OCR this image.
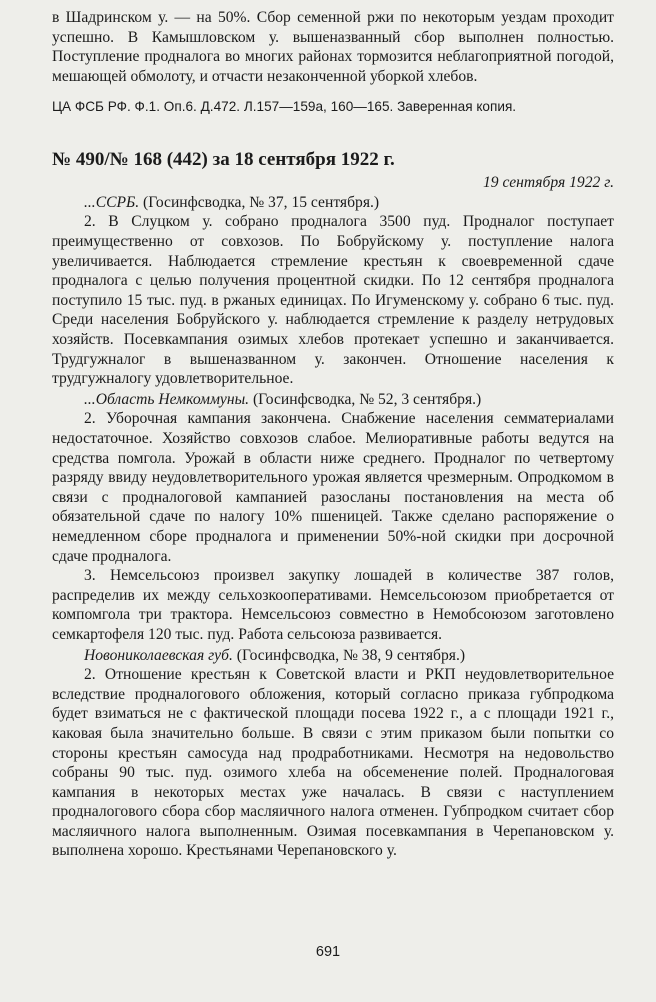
в Шадринском у. — на 50%. Сбор семенной ржи по некоторым уездам проходит успешно. В Камышловском у. вышеназванный сбор выполнен полностью. Поступление продналога во многих районах тормозится неблагоприятной погодой, мешающей обмолоту, и отчасти незаконченной уборкой хлебов.

ЦА ФСБ РФ. Ф.1. Оп.6. Д.472. Л.157—159а, 160—165. Заверенная копия.

№ 490/№ 168 (442) за 18 сентября 1922 г.

19 сентября 1922 г.

...ССРБ. (Госинфсводка, № 37, 15 сентября.)

2. В Слуцком у. собрано продналога 3500 пуд. Продналог поступает преимущественно от совхозов. По Бобруйскому у. поступление налога увеличивается. Наблюдается стремление крестьян к своевременной сдаче продналога с целью получения процентной скидки. По 12 сентября продналога поступило 15 тыс. пуд. в ржаных единицах. По Игуменскому у. собрано 6 тыс. пуд. Среди населения Бобруйского у. наблюдается стремление к разделу нетрудовых хозяйств. Посевкампания озимых хлебов протекает успешно и заканчивается. Трудгужналог в вышеназванном у. закончен. Отношение населения к трудгужналогу удовлетворительное.

...Область Немкоммуны. (Госинфсводка, № 52, 3 сентября.)

2. Уборочная кампания закончена. Снабжение населения семматериалами недостаточное. Хозяйство совхозов слабое. Мелиоративные работы ведутся на средства помгола. Урожай в области ниже среднего. Продналог по четвертому разряду ввиду неудовлетворительного урожая является чрезмерным. Опродкомом в связи с продналоговой кампанией разосланы постановления на места об обязательной сдаче по налогу 10% пшеницей. Также сделано распоряжение о немедленном сборе продналога и применении 50%-ной скидки при досрочной сдаче продналога.

3. Немсельсоюз произвел закупку лошадей в количестве 387 голов, распределив их между сельхозкооперативами. Немсельсоюзом приобретается от компомгола три трактора. Немсельсоюз совместно в Немобсоюзом заготовлено семкартофеля 120 тыс. пуд. Работа сельсоюза развивается.

Новониколаевская губ. (Госинфсводка, № 38, 9 сентября.)

2. Отношение крестьян к Советской власти и РКП неудовлетворительное вследствие продналогового обложения, который согласно приказа губпродкома будет взиматься не с фактической площади посева 1922 г., а с площади 1921 г., каковая была значительно больше. В связи с этим приказом были попытки со стороны крестьян самосуда над продработниками. Несмотря на недовольство собраны 90 тыс. пуд. озимого хлеба на обсеменение полей. Продналоговая кампания в некоторых местах уже началась. В связи с наступлением продналогового сбора сбор масляичного налога отменен. Губпродком считает сбор масляичного налога выполненным. Озимая посевкампания в Черепановском у. выполнена хорошо. Крестьянами Черепановского у.

691
